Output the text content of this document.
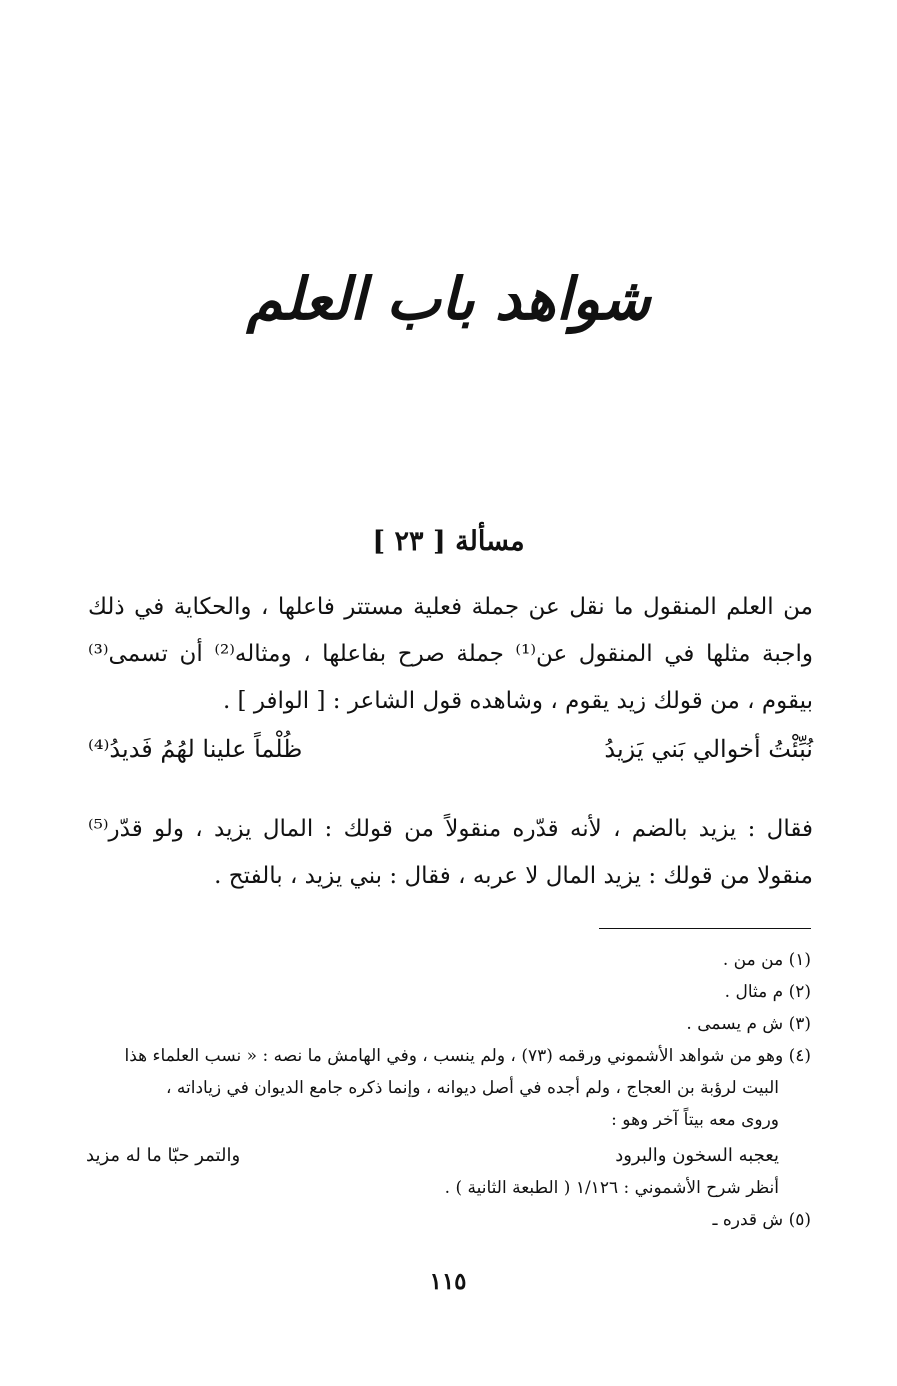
شواهد باب العلم
مسألة [ ٢٣ ]

من العلم المنقول ما نقل عن جملة فعلية مستتر فاعلها ، والحكاية في ذلك واجبة مثلها في المنقول عن⁽¹⁾ جملة صرح بفاعلها ، ومثاله⁽²⁾ أن تسمى⁽³⁾ بيقوم ، من قولك زيد يقوم ، وشاهده قول الشاعر : [ الوافر ] .

نُبِّئْتُ أخوالي بَني يَزيدُ
ظُلْماً علينا لهُمُ فَديدُ⁽⁴⁾

فقال : يزيد بالضم ، لأنه قدّره منقولاً من قولك : المال يزيد ، ولو قدّر⁽⁵⁾ منقولا من قولك : يزيد المال لا عربه ، فقال : بني يزيد ، بالفتح .

(١) من من .

(٢) م مثال .

(٣) ش م يسمى .

(٤) وهو من شواهد الأشموني ورقمه (٧٣) ، ولم ينسب ، وفي الهامش ما نصه : « نسب العلماء هذا

البيت لرؤبة بن العجاج ، ولم أجده في أصل ديوانه ، وإنما ذكره جامع الديوان في زياداته ،

وروى معه بيتاً آخر وهو :

يعجبه السخون والبرود
والتمر حبّا ما له مزيد

أنظر شرح الأشموني : ١/١٢٦ ( الطبعة الثانية ) .

(٥) ش قدره ـ

١١٥
